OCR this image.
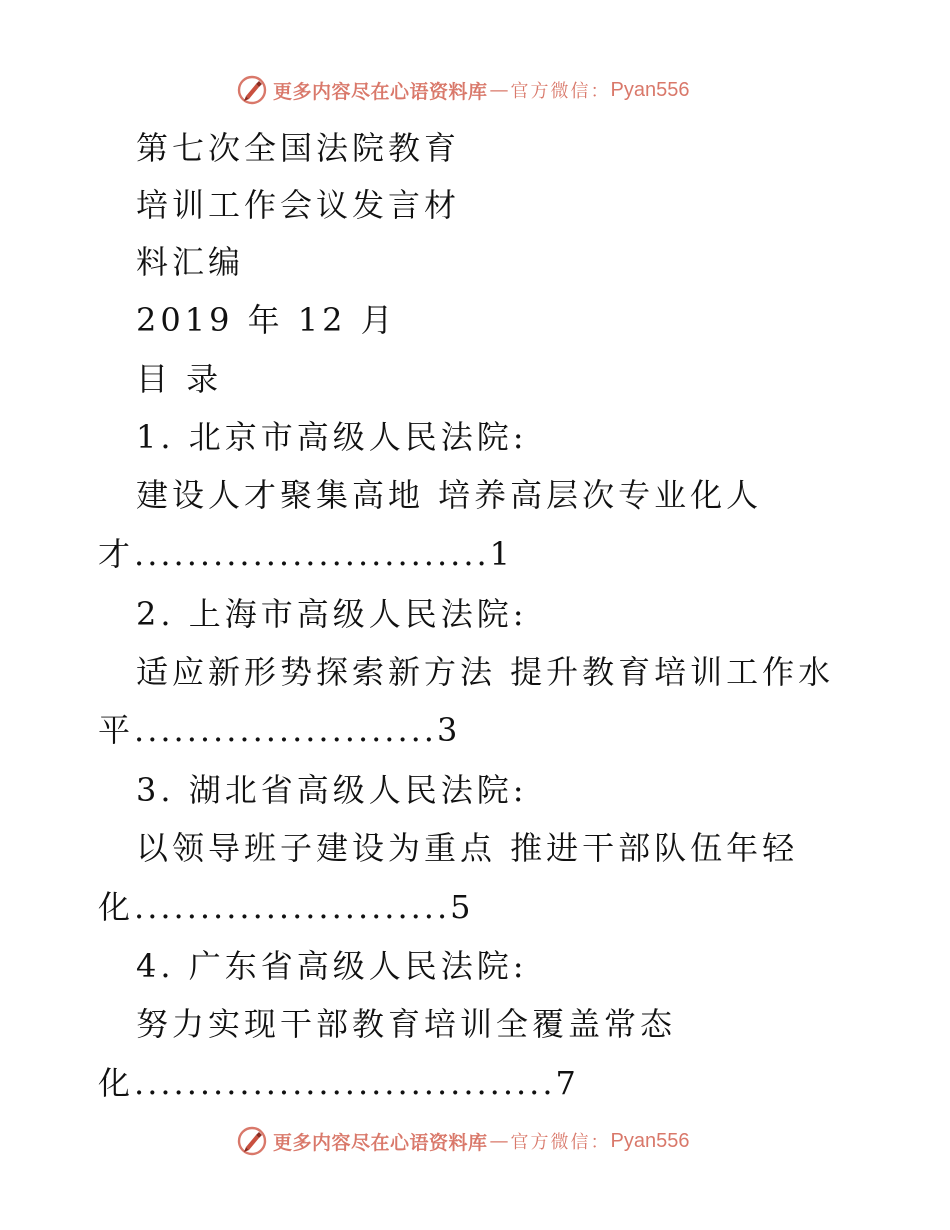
更多内容尽在心语资料库 — 官方微信： Pyan556
第七次全国法院教育
培训工作会议发言材
料汇编
2019 年 12 月
目 录
1. 北京市高级人民法院:
建设人才聚集高地 培养高层次专业化人
才...........................1
2. 上海市高级人民法院:
适应新形势探索新方法 提升教育培训工作水
平.......................3
3. 湖北省高级人民法院:
以领导班子建设为重点 推进干部队伍年轻
化........................5
4. 广东省高级人民法院:
努力实现干部教育培训全覆盖常态
化................................7
更多内容尽在心语资料库 — 官方微信： Pyan556
